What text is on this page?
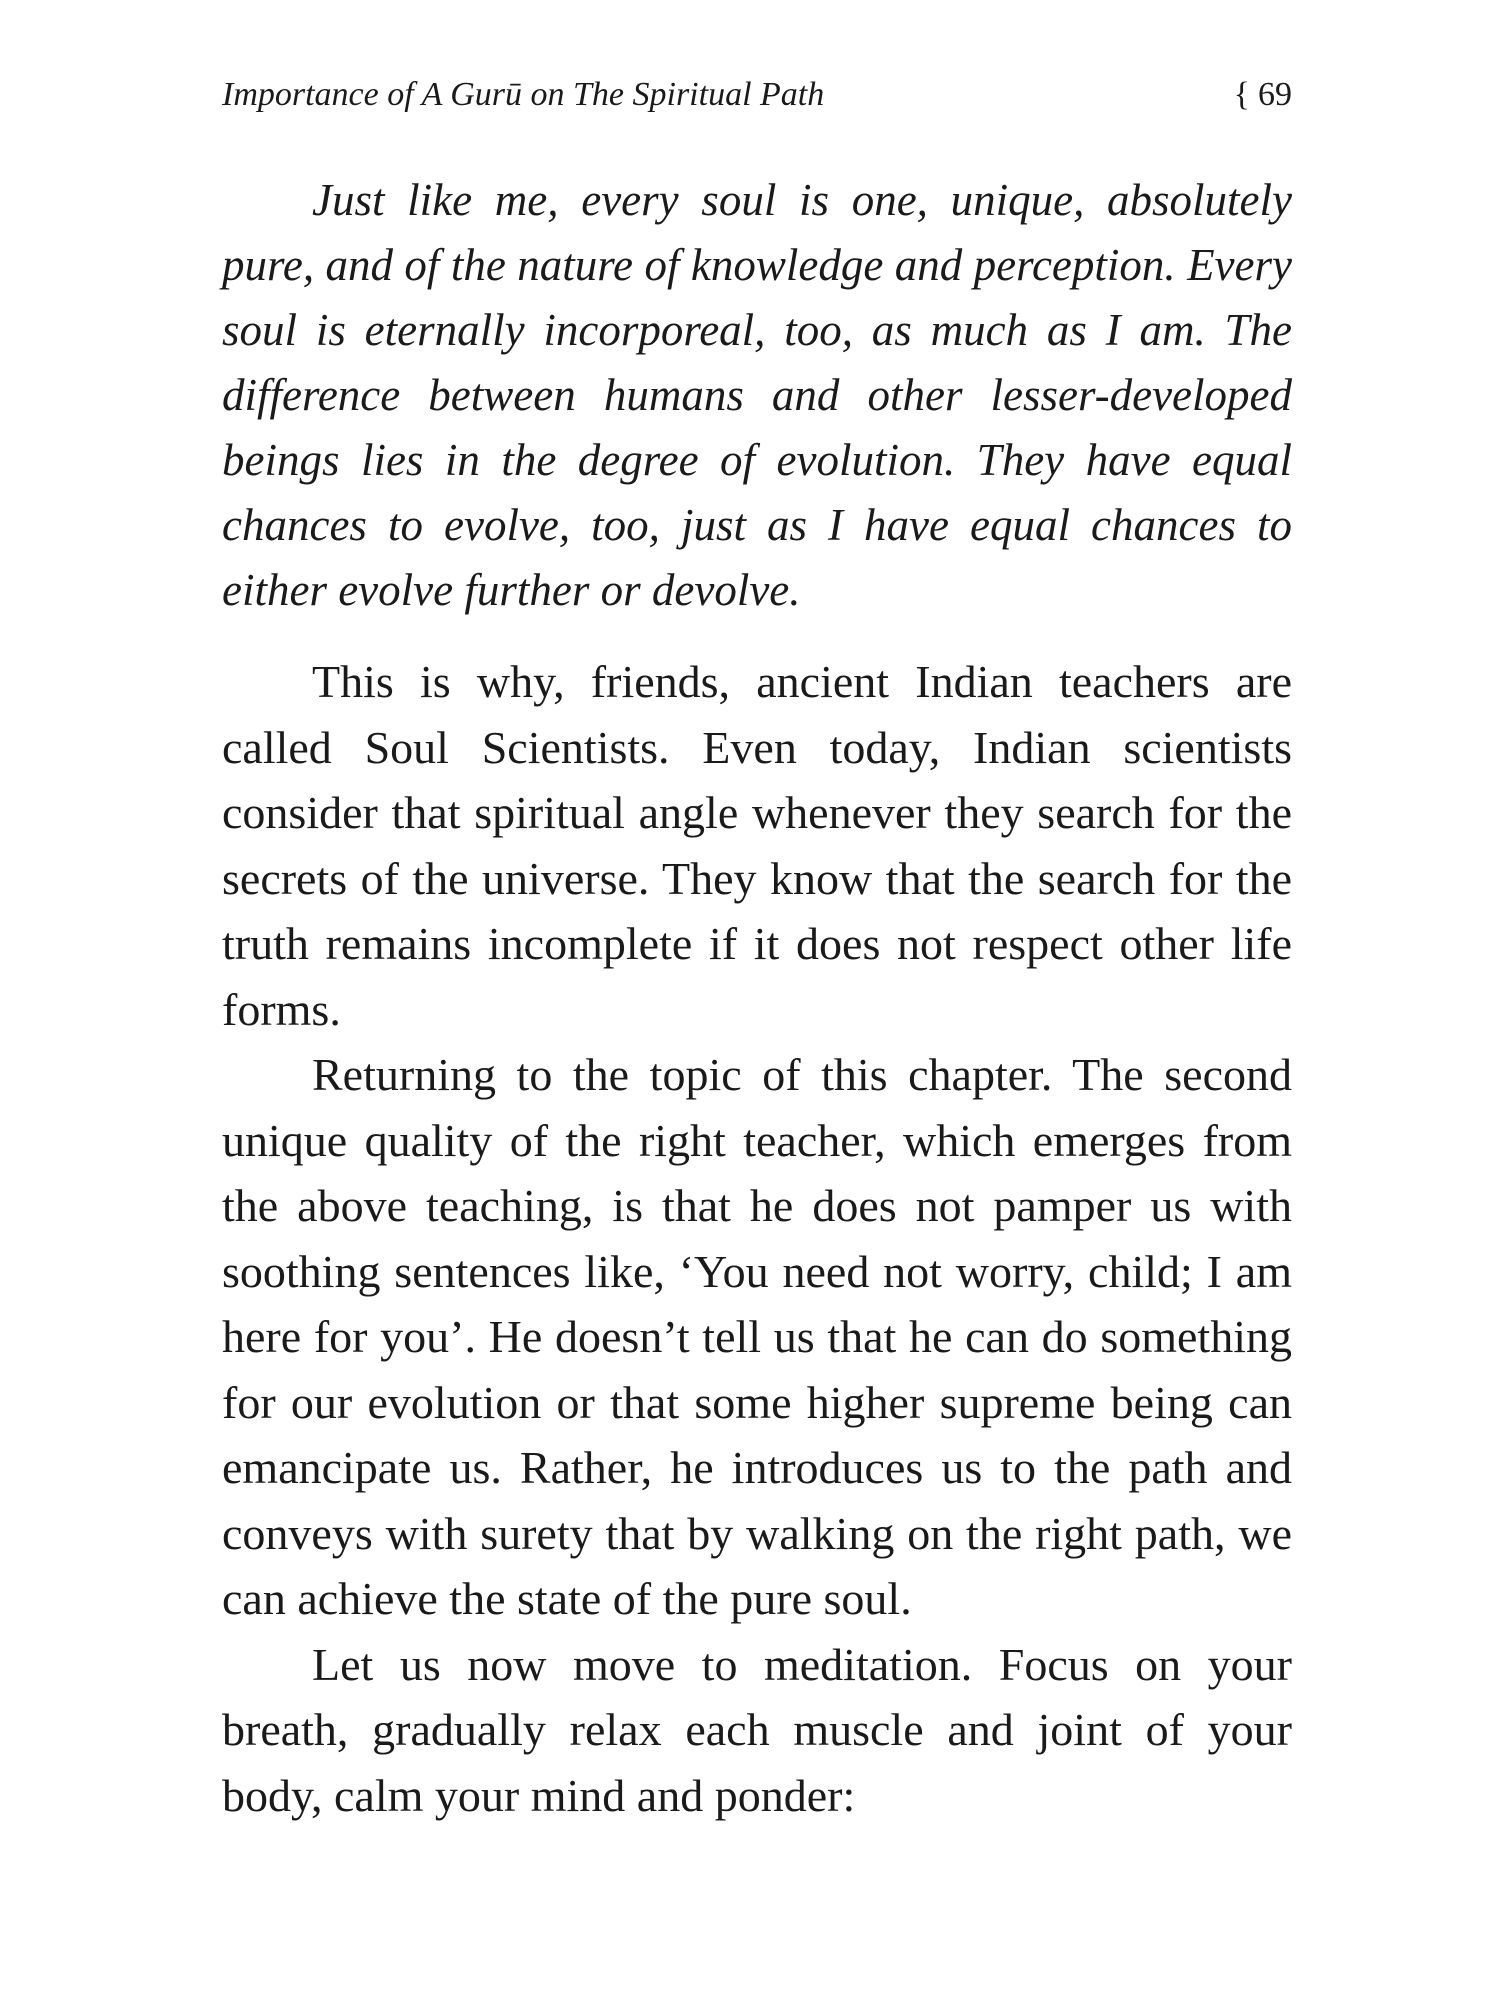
Importance of A Gurū on The Spiritual Path	{ 69

Just like me, every soul is one, unique, absolutely pure, and of the nature of knowledge and perception. Every soul is eternally incorporeal, too, as much as I am. The difference between humans and other lesser-developed beings lies in the degree of evolution. They have equal chances to evolve, too, just as I have equal chances to either evolve further or devolve.

This is why, friends, ancient Indian teachers are called Soul Scientists. Even today, Indian scientists consider that spiritual angle whenever they search for the secrets of the universe. They know that the search for the truth remains incomplete if it does not respect other life forms.

Returning to the topic of this chapter. The second unique quality of the right teacher, which emerges from the above teaching, is that he does not pamper us with soothing sentences like, ‘You need not worry, child; I am here for you’. He doesn’t tell us that he can do something for our evolution or that some higher supreme being can emancipate us. Rather, he introduces us to the path and conveys with surety that by walking on the right path, we can achieve the state of the pure soul.

Let us now move to meditation. Focus on your breath, gradually relax each muscle and joint of your body, calm your mind and ponder:
